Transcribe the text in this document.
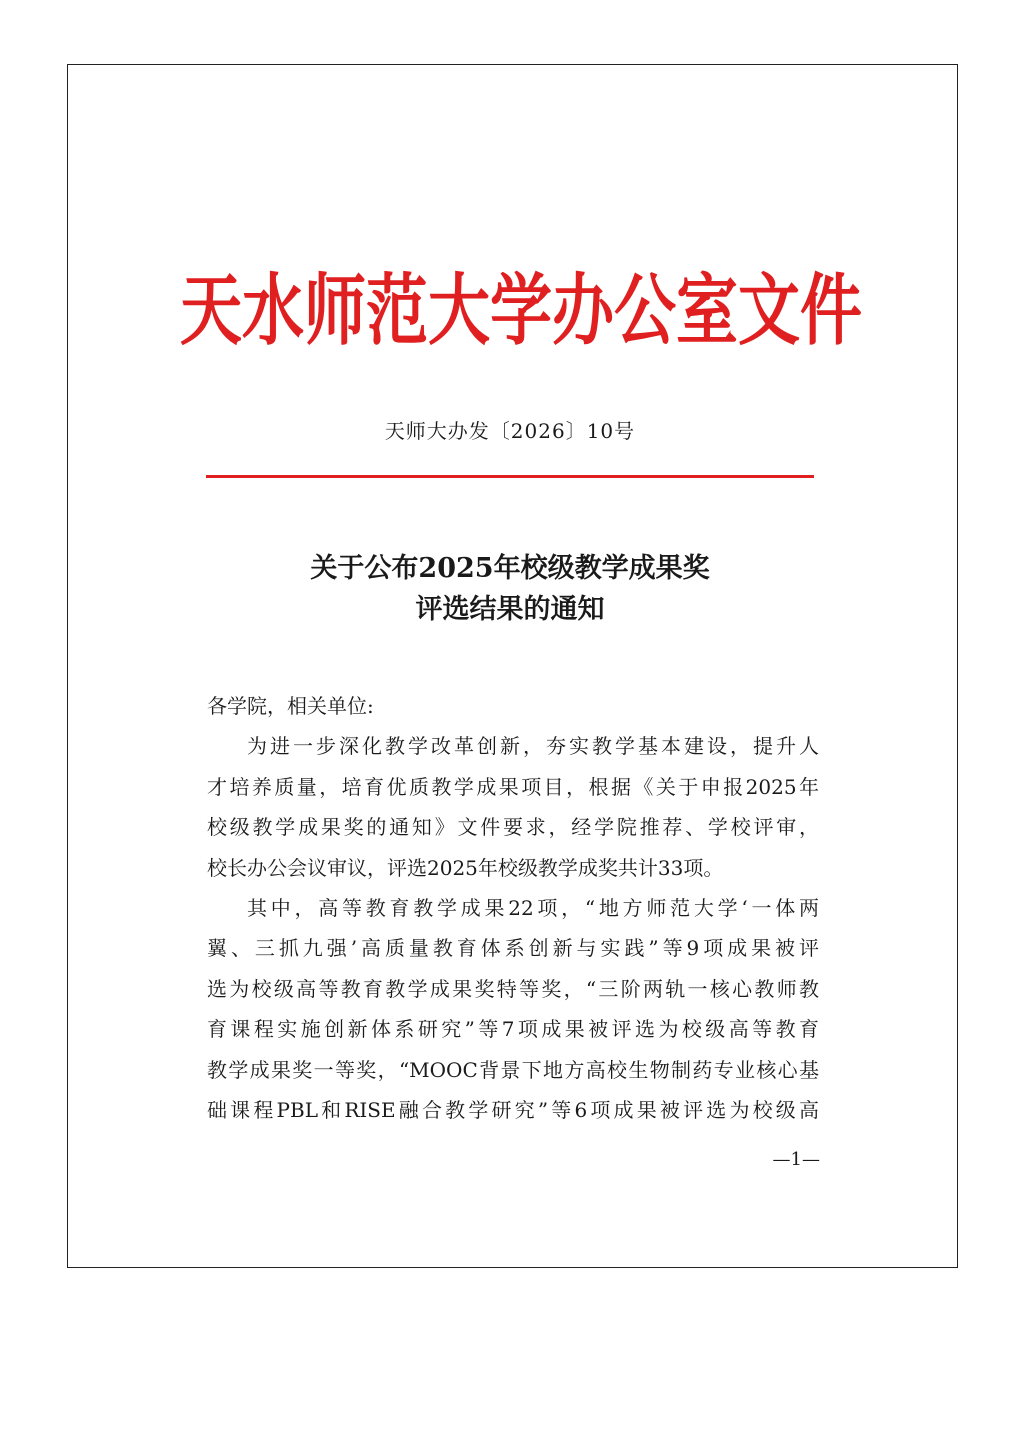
天水师范大学办公室文件
天师大办发〔2026〕10号
关于公布2025年校级教学成果奖
评选结果的通知
各学院，相关单位:
为进一步深化教学改革创新，夯实教学基本建设，提升人
才培养质量，培育优质教学成果项目，根据《关于申报2025年
校级教学成果奖的通知》文件要求，经学院推荐、学校评审，
校长办公会议审议，评选2025年校级教学成奖共计33项。
其中，高等教育教学成果22项，“地方师范大学‘一体两
翼、三抓九强’高质量教育体系创新与实践”等9项成果被评
选为校级高等教育教学成果奖特等奖，“三阶两轨一核心教师教
育课程实施创新体系研究”等7项成果被评选为校级高等教育
教学成果奖一等奖，“MOOC背景下地方高校生物制药专业核心基
础课程PBL和RISE融合教学研究”等6项成果被评选为校级高
—1—
